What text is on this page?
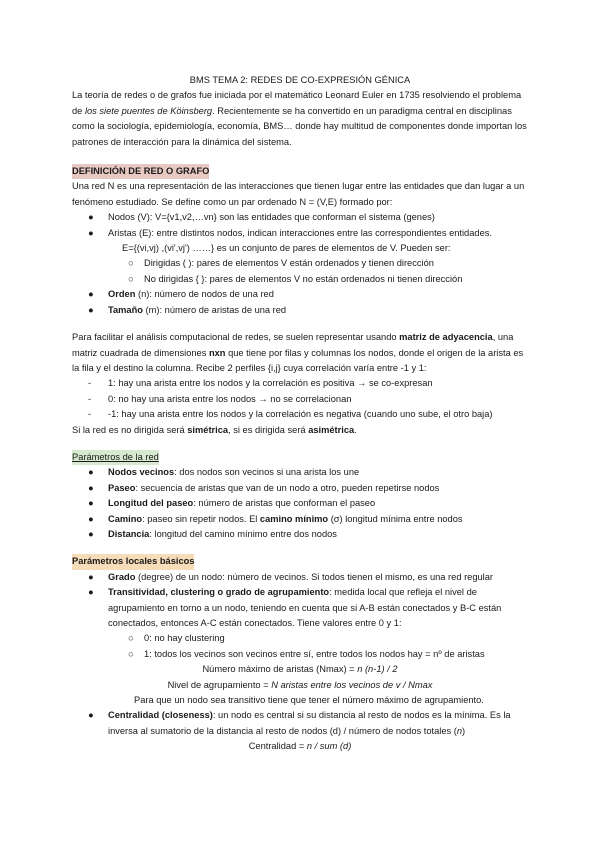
BMS TEMA 2: REDES DE CO-EXPRESIÓN GÉNICA

La teoría de redes o de grafos fue iniciada por el matemático Leonard Euler en 1735 resolviendo el problema de los siete puentes de Köinsberg. Recientemente se ha convertido en un paradigma central en disciplinas como la sociología, epidemiología, economía, BMS… donde hay multitud de componentes donde importan los patrones de interacción para la dinámica del sistema.

DEFINICIÓN DE RED O GRAFO

Una red N es una representación de las interacciones que tienen lugar entre las entidades que dan lugar a un fenómeno estudiado. Se define como un par ordenado N = (V,E) formado por:

● Nodos (V): V={v1,v2,…vn} son las entidades que conforman el sistema (genes)
● Aristas (E): entre distintos nodos, indican interacciones entre las correspondientes entidades.
E={(vi,vj) ,(vi',vj') ……} es un conjunto de pares de elementos de V. Pueden ser:
○ Dirigidas ( ): pares de elementos V están ordenados y tienen dirección
○ No dirigidas { }: pares de elementos V no están ordenados ni tienen dirección
● Orden (n): número de nodos de una red
● Tamaño (m): número de aristas de una red

Para facilitar el análisis computacional de redes, se suelen representar usando matriz de adyacencia, una matriz cuadrada de dimensiones nxn que tiene por filas y columnas los nodos, donde el origen de la arista es la fila y el destino la columna. Recibe 2 perfiles {i,j} cuya correlación varía entre -1 y 1:

- 1: hay una arista entre los nodos y la correlación es positiva → se co-expresan
- 0: no hay una arista entre los nodos → no se correlacionan
- -1: hay una arista entre los nodos y la correlación es negativa (cuando uno sube, el otro baja)

Si la red es no dirigida será simétrica, si es dirigida será asimétrica.

Parámetros de la red
● Nodos vecinos: dos nodos son vecinos si una arista los une
● Paseo: secuencia de aristas que van de un nodo a otro, pueden repetirse nodos
● Longitud del paseo: número de aristas que conforman el paseo
● Camino: paseo sin repetir nodos. El camino mínimo (σ) longitud mínima entre nodos
● Distancia: longitud del camino mínimo entre dos nodos
Parámetros locales básicos
● Grado (degree) de un nodo: número de vecinos. Si todos tienen el mismo, es una red regular
● Transitividad, clustering o grado de agrupamiento: medida local que refleja el nivel de agrupamiento en torno a un nodo, teniendo en cuenta que si A-B están conectados y B-C están conectados, entonces A-C están conectados. Tiene valores entre 0 y 1:
○ 0: no hay clustering
○ 1: todos los vecinos son vecinos entre sí, entre todos los nodos hay = nº de aristas
Número máximo de aristas (Nmax) = n (n-1) / 2
Nivel de agrupamiento = N aristas entre los vecinos de v / Nmax
Para que un nodo sea transitivo tiene que tener el número máximo de agrupamiento.
● Centralidad (closeness): un nodo es central si su distancia al resto de nodos es la mínima. Es la inversa al sumatorio de la distancia al resto de nodos (d) / número de nodos totales (n)
Centralidad = n / sum (d)
